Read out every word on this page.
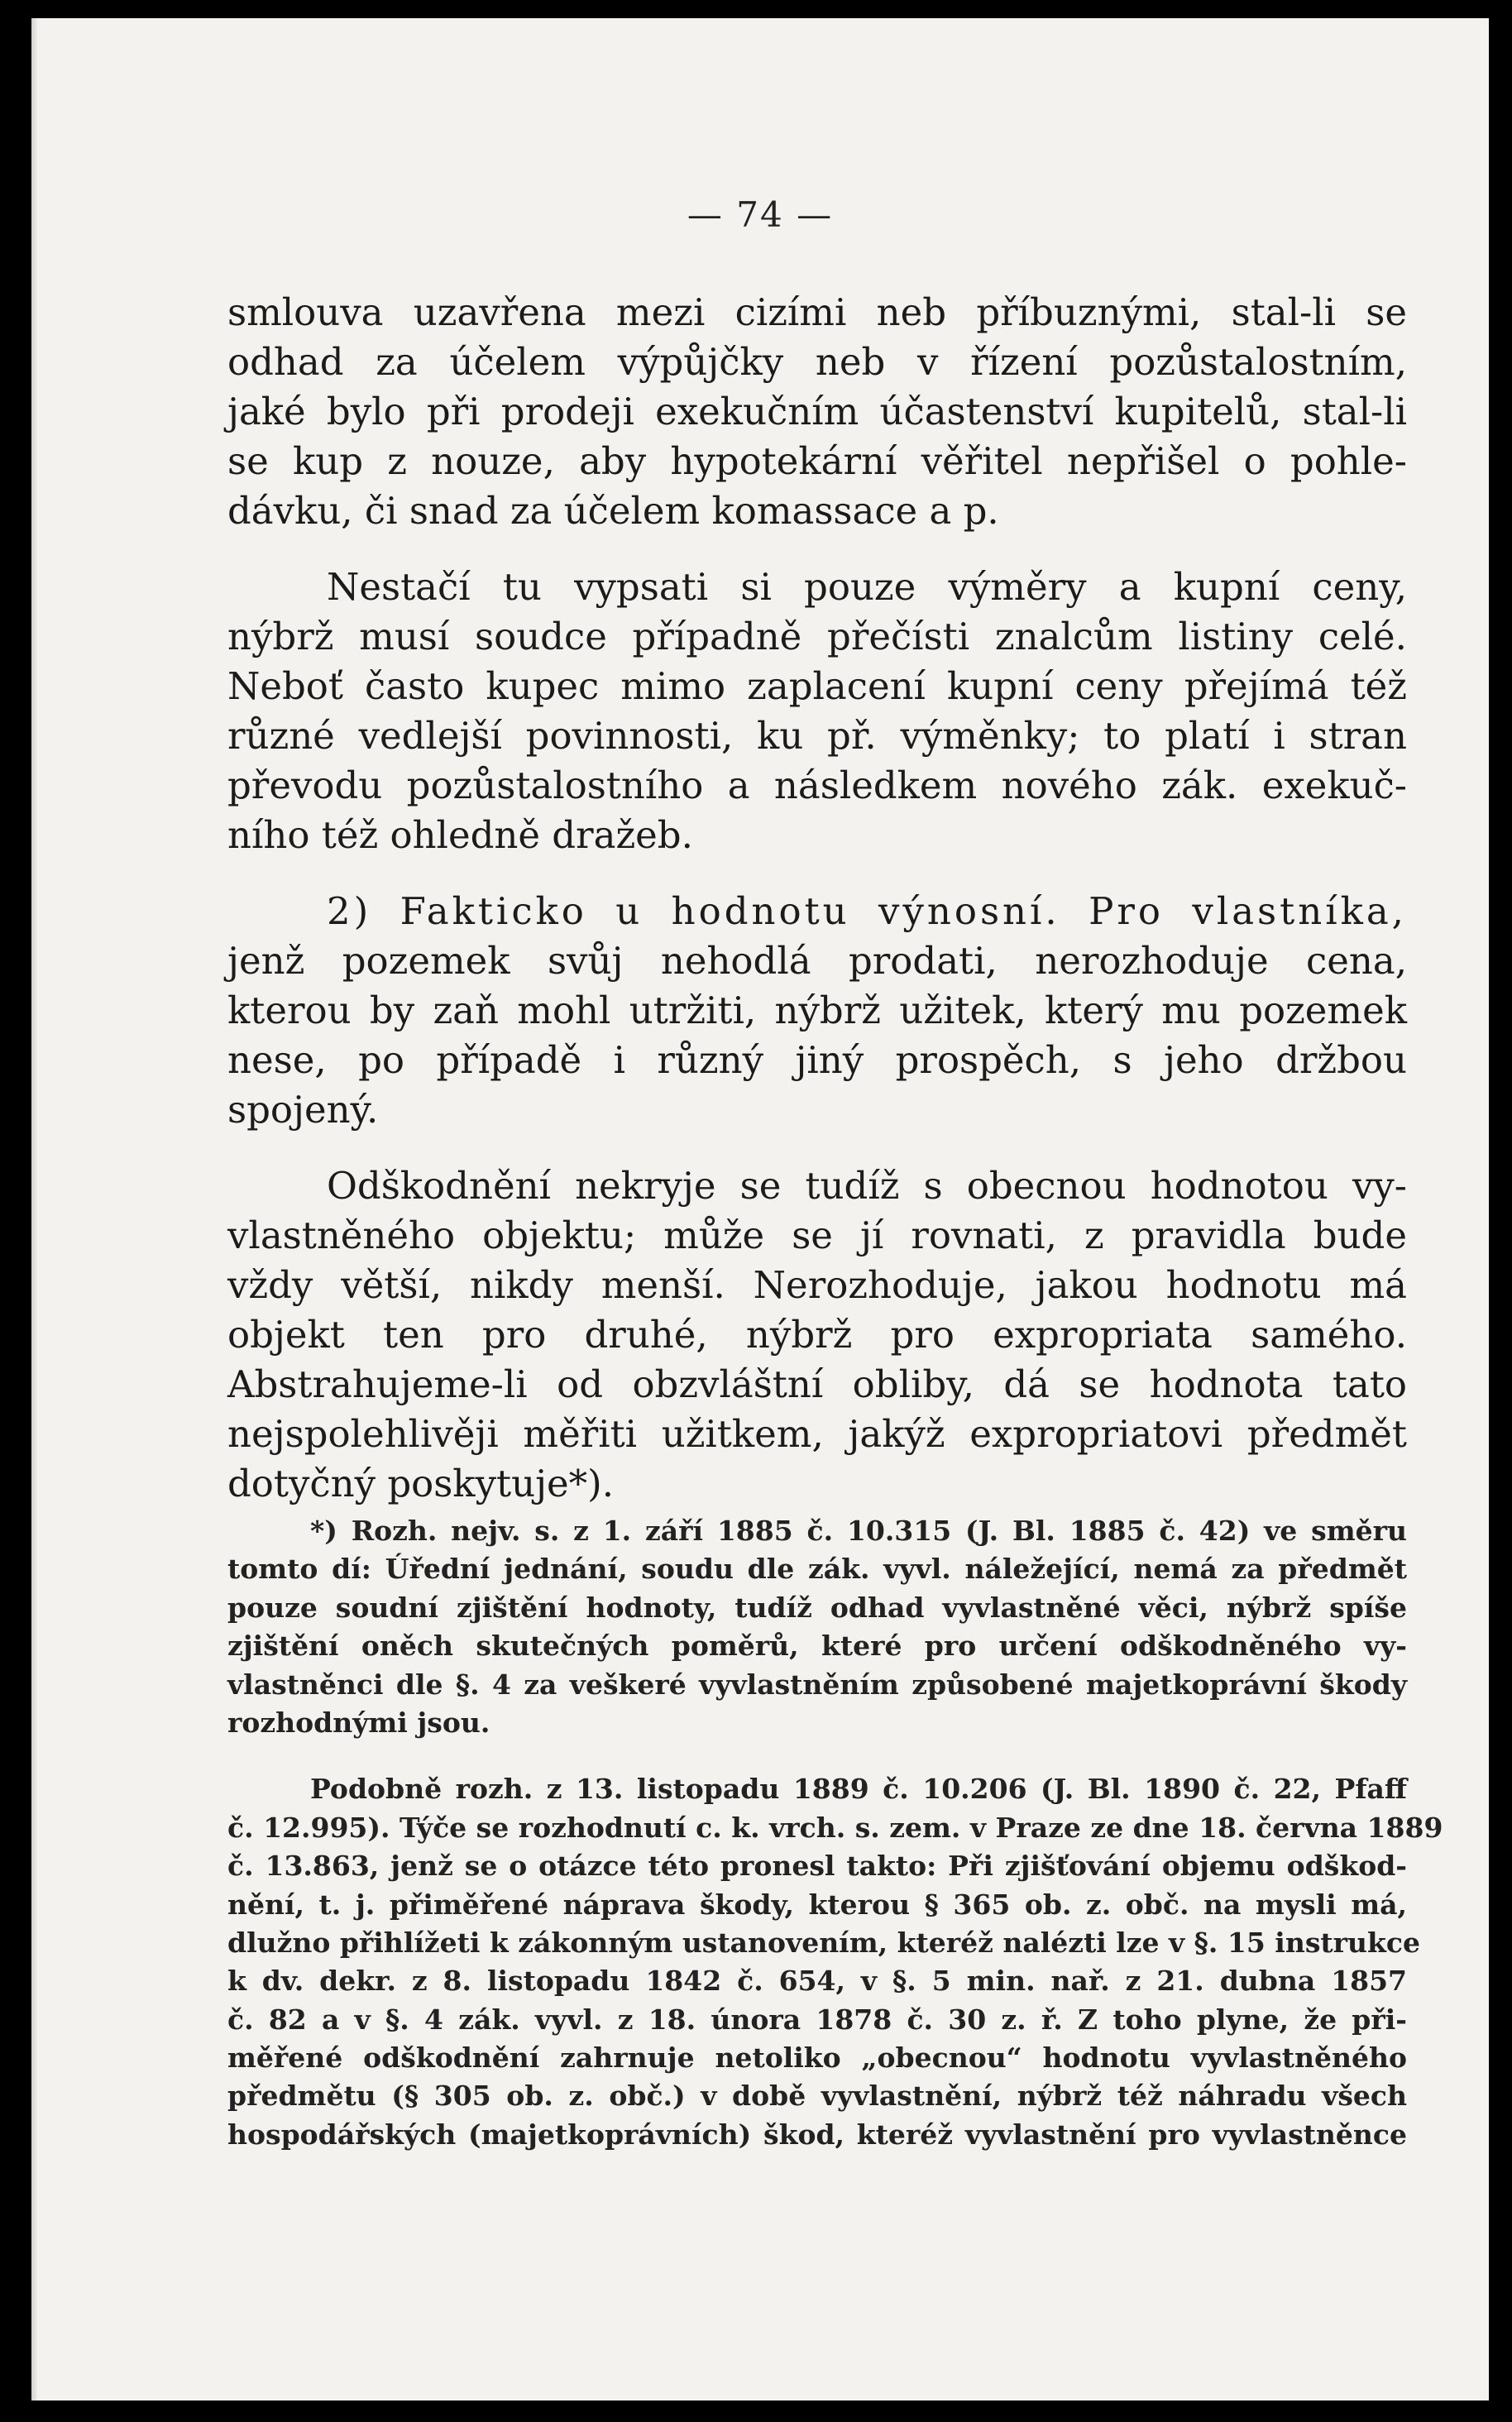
— 74 —
smlouva uzavřena mezi cizími neb příbuznými, stal-li se
odhad za účelem výpůjčky neb v řízení pozůstalostním,
jaké bylo při prodeji exekučním účastenství kupitelů, stal-li
se kup z nouze, aby hypotekární věřitel nepřišel o pohle-
dávku, či snad za účelem komassace a p.
Nestačí tu vypsati si pouze výměry a kupní ceny,
nýbrž musí soudce případně přečísti znalcům listiny celé.
Neboť často kupec mimo zaplacení kupní ceny přejímá též
různé vedlejší povinnosti, ku př. výměnky; to platí i stran
převodu pozůstalostního a následkem nového zák. exekuč-
ního též ohledně dražeb.
2) Fakticko u hodnotu výnosní. Pro vlastníka,
jenž pozemek svůj nehodlá prodati, nerozhoduje cena,
kterou by zaň mohl utržiti, nýbrž užitek, který mu pozemek
nese, po případě i různý jiný prospěch, s jeho držbou
spojený.
Odškodnění nekryje se tudíž s obecnou hodnotou vy-
vlastněného objektu; může se jí rovnati, z pravidla bude
vždy větší, nikdy menší. Nerozhoduje, jakou hodnotu má
objekt ten pro druhé, nýbrž pro expropriata samého.
Abstrahujeme-li od obzvláštní obliby, dá se hodnota tato
nejspolehlivěji měřiti užitkem, jakýž expropriatovi předmět
dotyčný poskytuje*).
*) Rozh. nejv. s. z 1. září 1885 č. 10.315 (J. Bl. 1885 č. 42) ve směru
tomto dí: Úřední jednání, soudu dle zák. vyvl. náležející, nemá za předmět
pouze soudní zjištění hodnoty, tudíž odhad vyvlastněné věci, nýbrž spíše
zjištění oněch skutečných poměrů, které pro určení odškodněného vy-
vlastněnci dle §. 4 za veškeré vyvlastněním způsobené majetkoprávní škody
rozhodnými jsou.
Podobně rozh. z 13. listopadu 1889 č. 10.206 (J. Bl. 1890 č. 22, Pfaff
č. 12.995). Týče se rozhodnutí c. k. vrch. s. zem. v Praze ze dne 18. června 1889
č. 13.863, jenž se o otázce této pronesl takto: Při zjišťování objemu odškod-
nění, t. j. přiměřené náprava škody, kterou § 365 ob. z. obč. na mysli má,
dlužno přihlížeti k zákonným ustanovením, kteréž nalézti lze v §. 15 instrukce
k dv. dekr. z 8. listopadu 1842 č. 654, v §. 5 min. nař. z 21. dubna 1857
č. 82 a v §. 4 zák. vyvl. z 18. února 1878 č. 30 z. ř. Z toho plyne, že při-
měřené odškodnění zahrnuje netoliko „obecnou“ hodnotu vyvlastněného
předmětu (§ 305 ob. z. obč.) v době vyvlastnění, nýbrž též náhradu všech
hospodářských (majetkoprávních) škod, kteréž vyvlastnění pro vyvlastněnce
